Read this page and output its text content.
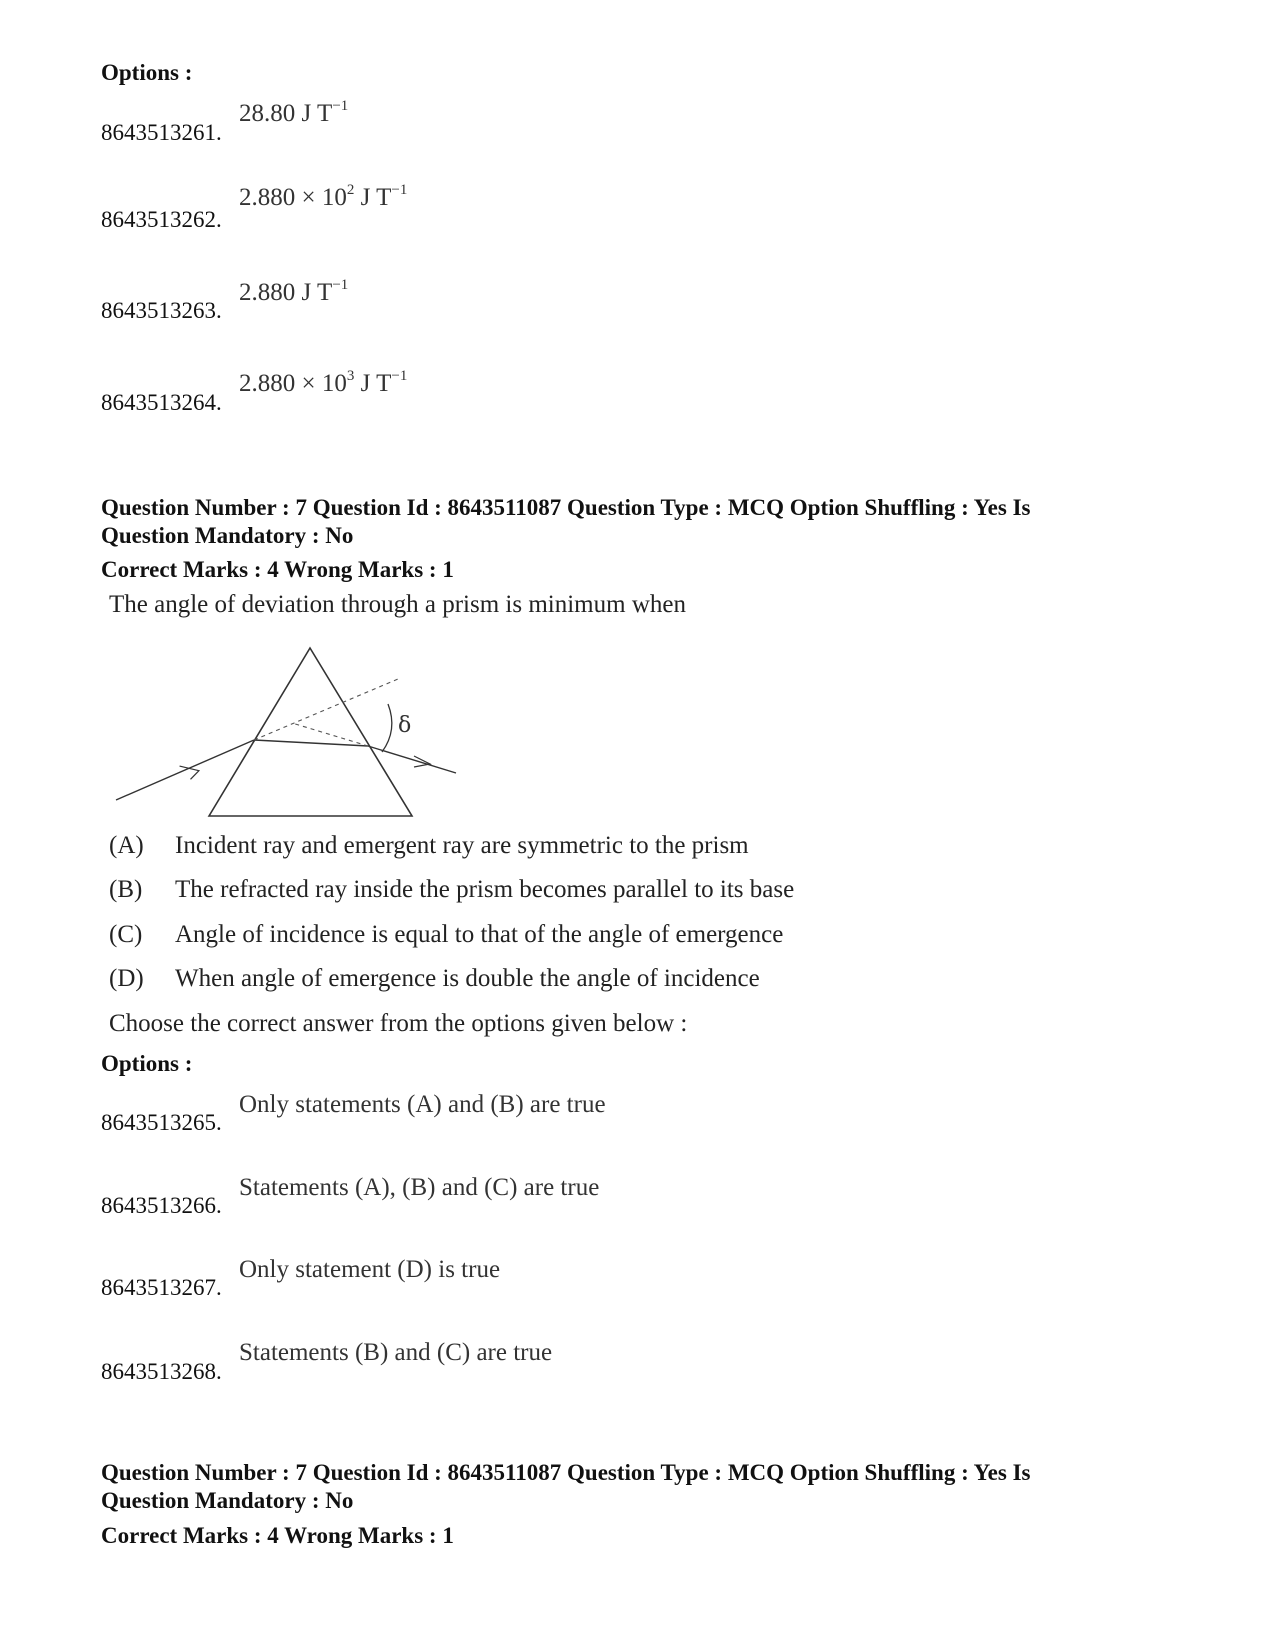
Options :
8643513261.
28.80 J $T^{-1}$
8643513262.
$2.880 \times 10^2$ J $T^{-1}$
8643513263.
2.880 J $T^{-1}$
8643513264.
$2.880 \times 10^3$ J $T^{-1}$
Question Number : 7 Question Id : 8643511087 Question Type : MCQ Option Shuffling : Yes Is
Question Mandatory : No
Correct Marks : 4 Wrong Marks : 1
The angle of deviation through a prism is minimum when
δ
(A) Incident ray and emergent ray are symmetric to the prism
(B) The refracted ray inside the prism becomes parallel to its base
(C) Angle of incidence is equal to that of the angle of emergence
(D) When angle of emergence is double the angle of incidence
Choose the correct answer from the options given below :
Options :
8643513265.
Only statements (A) and (B) are true
8643513266.
Statements (A), (B) and (C) are true
8643513267.
Only statement (D) is true
8643513268.
Statements (B) and (C) are true
Question Number : 7 Question Id : 8643511087 Question Type : MCQ Option Shuffling : Yes Is
Question Mandatory : No
Correct Marks : 4 Wrong Marks : 1
